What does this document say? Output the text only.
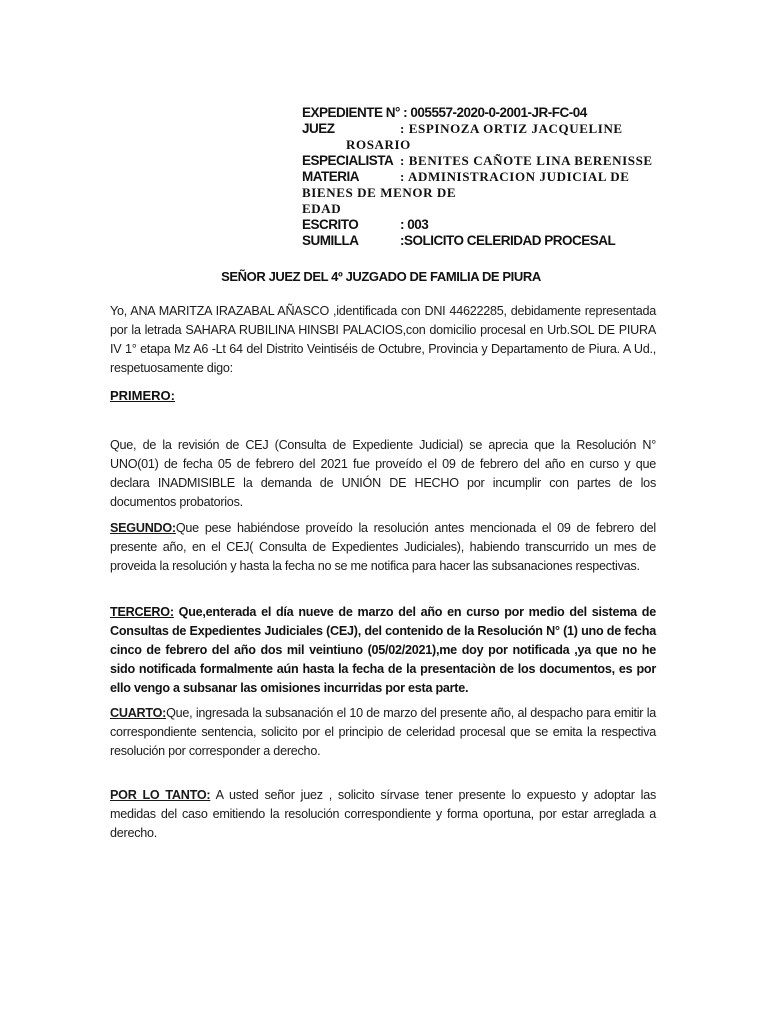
EXPEDIENTE N° : 005557-2020-0-2001-JR-FC-04
JUEZ	: ESPINOZA ORTIZ JACQUELINE
ROSARIO
ESPECIALISTA : BENITES CAÑOTE LINA BERENISSE
MATERIA	: ADMINISTRACION JUDICIAL DE
BIENES DE MENOR DE
EDAD
ESCRITO	: 003
SUMILLA	:SOLICITO CELERIDAD PROCESAL
SEÑOR JUEZ DEL 4º JUZGADO DE FAMILIA DE PIURA
Yo, ANA MARITZA IRAZABAL AÑASCO ,identificada con DNI 44622285, debidamente representada por la letrada SAHARA RUBILINA HINSBI PALACIOS,con domicilio procesal en Urb.SOL DE PIURA IV 1° etapa Mz A6 -Lt 64 del Distrito Veintiséis de Octubre, Provincia y Departamento de Piura. A Ud., respetuosamente digo:
PRIMERO:
Que, de la revisión de CEJ (Consulta de Expediente Judicial) se aprecia que la Resolución N° UNO(01) de fecha 05 de febrero del 2021 fue proveído el 09 de febrero del año en curso y que declara INADMISIBLE la demanda de UNIÓN DE HECHO por incumplir con partes de los documentos probatorios.
SEGUNDO:Que pese habiéndose proveído la resolución antes mencionada el 09 de febrero del presente año, en el CEJ( Consulta de Expedientes Judiciales), habiendo transcurrido un mes de proveida la resolución y hasta la fecha no se me notifica para hacer las subsanaciones respectivas.
TERCERO: Que,enterada el día nueve de marzo del año en curso por medio del sistema de Consultas de Expedientes Judiciales (CEJ), del contenido de la Resolución N° (1) uno de fecha cinco de febrero del año dos mil veintiuno (05/02/2021),me doy por notificada ,ya que no he sido notificada formalmente aún hasta la fecha de la presentaciòn de los documentos, es por ello vengo a subsanar las omisiones incurridas por esta parte.
CUARTO:Que, ingresada la subsanación el 10 de marzo del presente año, al despacho para emitir la correspondiente sentencia, solicito por el principio de celeridad procesal que se emita la respectiva resolución por corresponder a derecho.
POR LO TANTO: A usted señor juez , solicito sírvase tener presente lo expuesto y adoptar las medidas del caso emitiendo la resolución correspondiente y forma oportuna, por estar arreglada a derecho.
